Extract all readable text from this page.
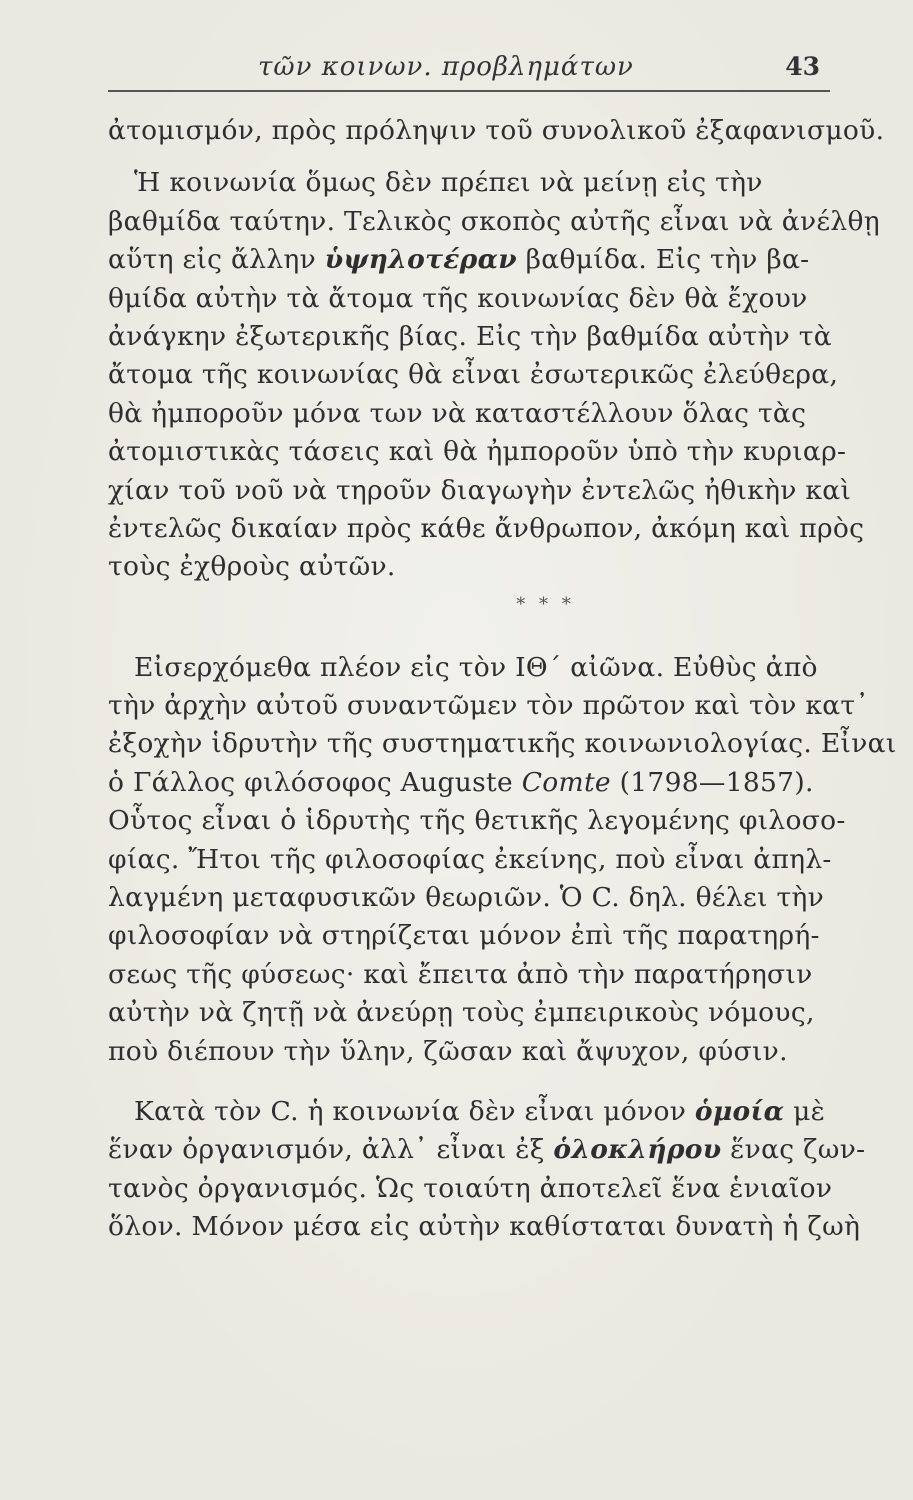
τῶν κοινων. προβλημάτων	43
ἀτομισμόν, πρὸς πρόληψιν τοῦ συνολικοῦ ἐξαφανισμοῦ.
Ἡ κοινωνία ὅμως δὲν πρέπει νὰ μείνῃ εἰς τὴν
βαθμίδα ταύτην. Τελικὸς σκοπὸς αὐτῆς εἶναι νὰ ἀνέλθῃ
αὕτη εἰς ἄλλην ὑψηλοτέραν βαθμίδα. Εἰς τὴν βα-
θμίδα αὐτὴν τὰ ἄτομα τῆς κοινωνίας δὲν θὰ ἔχουν
ἀνάγκην ἐξωτερικῆς βίας. Εἰς τὴν βαθμίδα αὐτὴν τὰ
ἄτομα τῆς κοινωνίας θὰ εἶναι ἐσωτερικῶς ἐλεύθερα,
θὰ ἠμποροῦν μόνα των νὰ καταστέλλουν ὅλας τὰς
ἀτομιστικὰς τάσεις καὶ θὰ ἠμποροῦν ὑπὸ τὴν κυριαρ-
χίαν τοῦ νοῦ νὰ τηροῦν διαγωγὴν ἐντελῶς ἠθικὴν καὶ
ἐντελῶς δικαίαν πρὸς κάθε ἄνθρωπον, ἀκόμη καὶ πρὸς
τοὺς ἐχθροὺς αὐτῶν.
* * *
Εἰσερχόμεθα πλέον εἰς τὸν ΙΘ´ αἰῶνα. Εὐθὺς ἀπὸ
τὴν ἀρχὴν αὐτοῦ συναντῶμεν τὸν πρῶτον καὶ τὸν κατ᾿
ἐξοχὴν ἱδρυτὴν τῆς συστηματικῆς κοινωνιολογίας. Εἶναι
ὁ Γάλλος φιλόσοφος Auguste Comte (1798—1857).
Οὗτος εἶναι ὁ ἱδρυτὴς τῆς θετικῆς λεγομένης φιλοσο-
φίας. Ἤτοι τῆς φιλοσοφίας ἐκείνης, ποὺ εἶναι ἀπηλ-
λαγμένη μεταφυσικῶν θεωριῶν. Ὁ C. δηλ. θέλει τὴν
φιλοσοφίαν νὰ στηρίζεται μόνον ἐπὶ τῆς παρατηρή-
σεως τῆς φύσεως· καὶ ἔπειτα ἀπὸ τὴν παρατήρησιν
αὐτὴν νὰ ζητῇ νὰ ἀνεύρῃ τοὺς ἐμπειρικοὺς νόμους,
ποὺ διέπουν τὴν ὕλην, ζῶσαν καὶ ἄψυχον, φύσιν.
Κατὰ τὸν C. ἡ κοινωνία δὲν εἶναι μόνον ὁμοία μὲ
ἕναν ὀργανισμόν, ἀλλ᾿ εἶναι ἐξ ὁλοκλήρου ἕνας ζων-
τανὸς ὀργανισμός. Ὡς τοιαύτη ἀποτελεῖ ἕνα ἑνιαῖον
ὅλον. Μόνον μέσα εἰς αὐτὴν καθίσταται δυνατὴ ἡ ζωὴ
